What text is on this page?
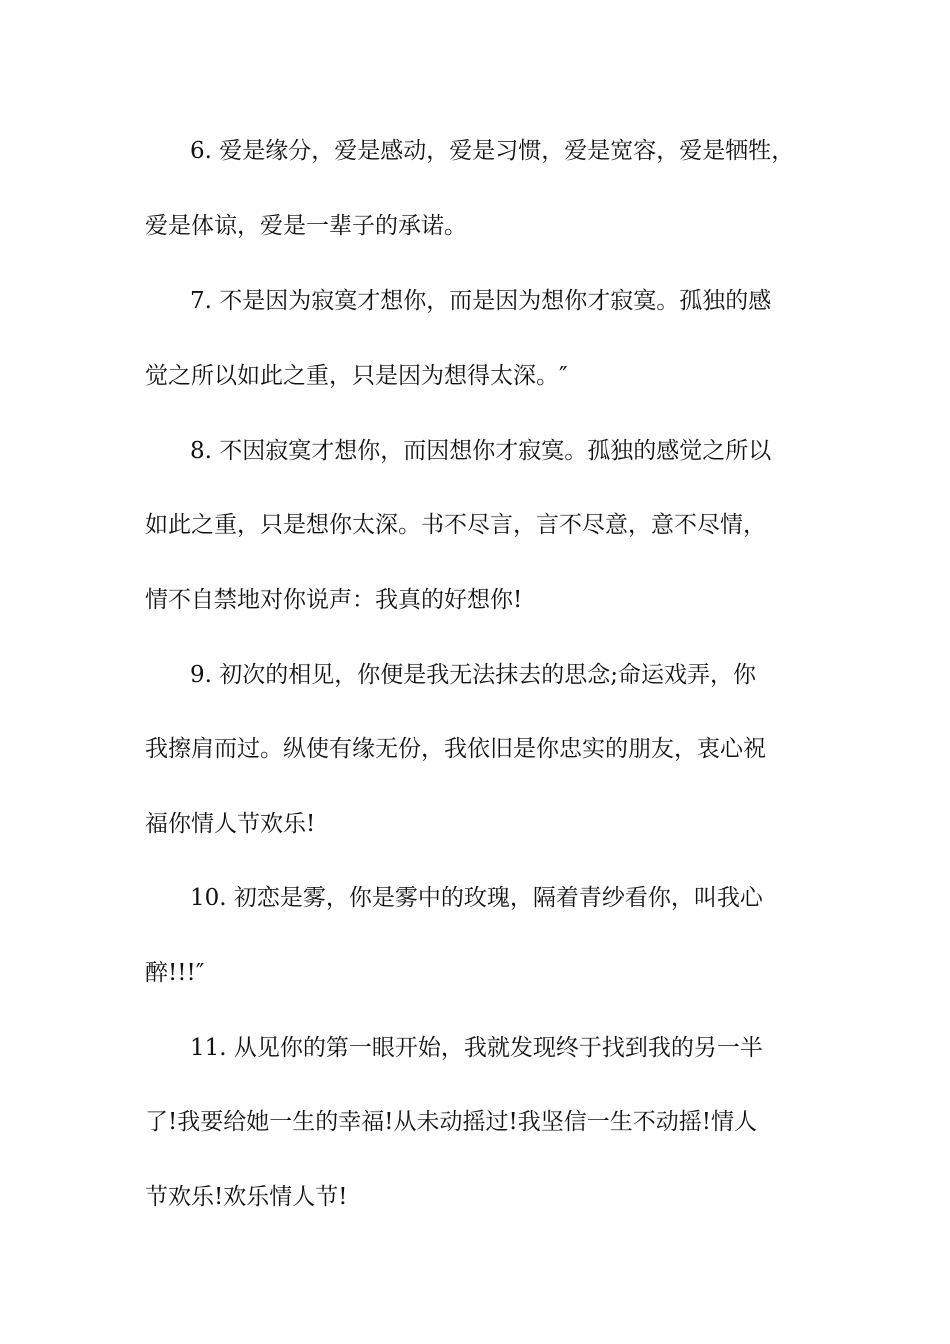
6. 爱是缘分，爱是感动，爱是习惯，爱是宽容，爱是牺牲，

爱是体谅，爱是一辈子的承诺。

7. 不是因为寂寞才想你，而是因为想你才寂寞。孤独的感

觉之所以如此之重，只是因为想得太深。″

8. 不因寂寞才想你，而因想你才寂寞。孤独的感觉之所以

如此之重，只是想你太深。书不尽言，言不尽意，意不尽情，

情不自禁地对你说声：我真的好想你!

9. 初次的相见，你便是我无法抹去的思念;命运戏弄，你

我擦肩而过。纵使有缘无份，我依旧是你忠实的朋友，衷心祝

福你情人节欢乐!

10. 初恋是雾，你是雾中的玫瑰，隔着青纱看你，叫我心

醉!!!″

11. 从见你的第一眼开始，我就发现终于找到我的另一半

了!我要给她一生的幸福!从未动摇过!我坚信一生不动摇!情人

节欢乐!欢乐情人节!
